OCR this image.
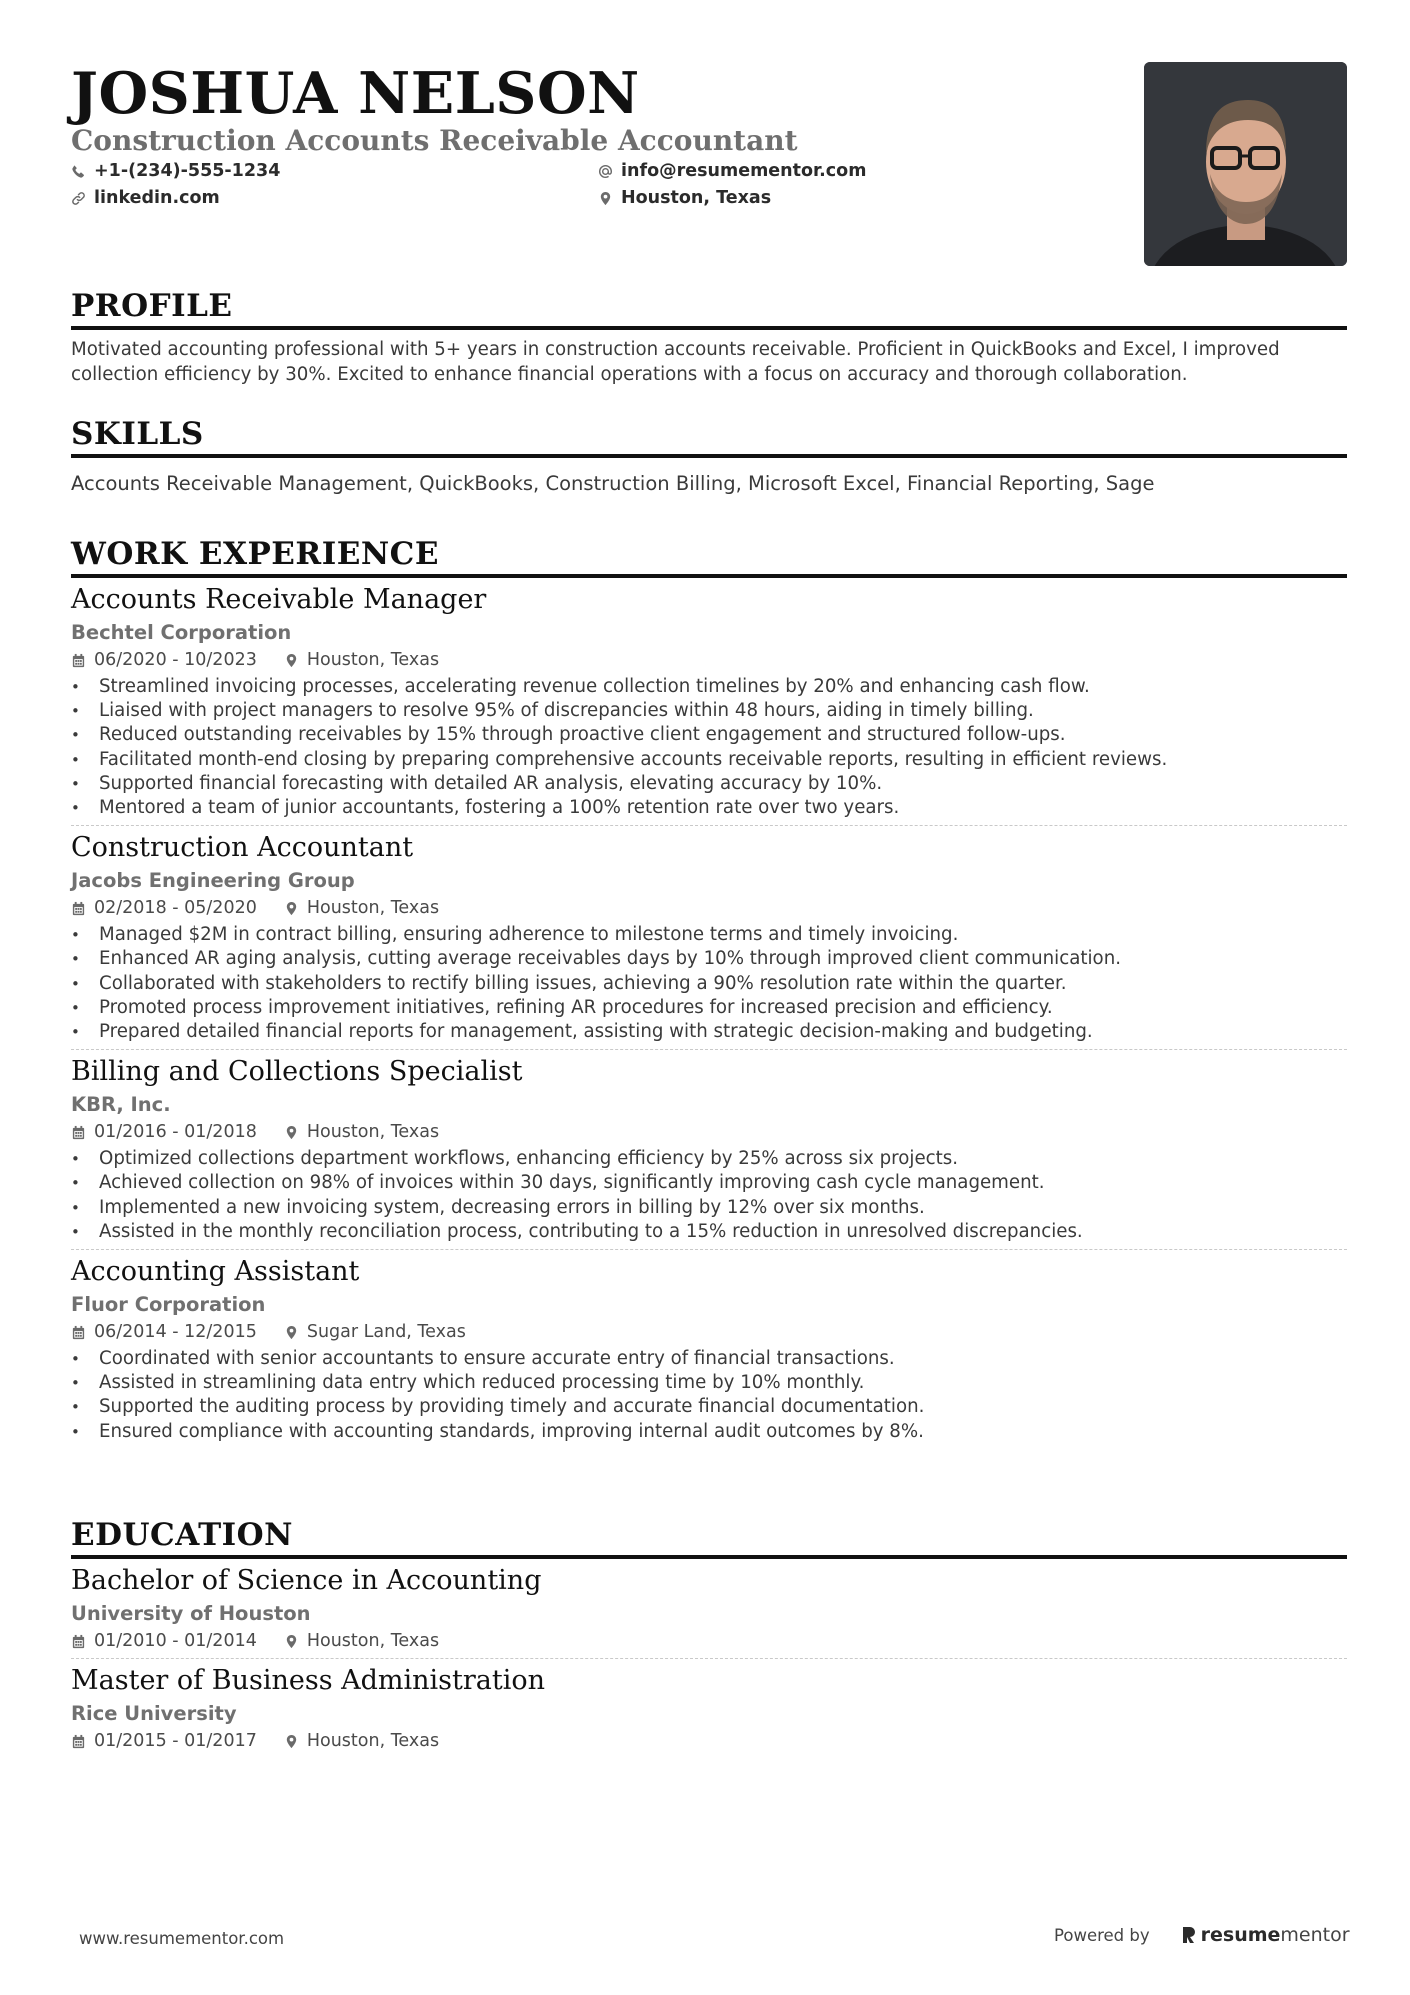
JOSHUA NELSON
Construction Accounts Receivable Accountant
+1-(234)-555-1234	info@resumementor.com
linkedin.com	Houston, Texas
PROFILE

Motivated accounting professional with 5+ years in construction accounts receivable. Proficient in QuickBooks and Excel, I improved collection efficiency by 30%. Excited to enhance financial operations with a focus on accuracy and thorough collaboration.

SKILLS

Accounts Receivable Management, QuickBooks, Construction Billing, Microsoft Excel, Financial Reporting, Sage

WORK EXPERIENCE
Accounts Receivable Manager
Bechtel Corporation
06/2020 - 10/2023	Houston, Texas
• Streamlined invoicing processes, accelerating revenue collection timelines by 20% and enhancing cash flow.
• Liaised with project managers to resolve 95% of discrepancies within 48 hours, aiding in timely billing.
• Reduced outstanding receivables by 15% through proactive client engagement and structured follow-ups.
• Facilitated month-end closing by preparing comprehensive accounts receivable reports, resulting in efficient reviews.
• Supported financial forecasting with detailed AR analysis, elevating accuracy by 10%.
• Mentored a team of junior accountants, fostering a 100% retention rate over two years.
Construction Accountant
Jacobs Engineering Group
02/2018 - 05/2020	Houston, Texas
• Managed $2M in contract billing, ensuring adherence to milestone terms and timely invoicing.
• Enhanced AR aging analysis, cutting average receivables days by 10% through improved client communication.
• Collaborated with stakeholders to rectify billing issues, achieving a 90% resolution rate within the quarter.
• Promoted process improvement initiatives, refining AR procedures for increased precision and efficiency.
• Prepared detailed financial reports for management, assisting with strategic decision-making and budgeting.
Billing and Collections Specialist
KBR, Inc.
01/2016 - 01/2018	Houston, Texas
• Optimized collections department workflows, enhancing efficiency by 25% across six projects.
• Achieved collection on 98% of invoices within 30 days, significantly improving cash cycle management.
• Implemented a new invoicing system, decreasing errors in billing by 12% over six months.
• Assisted in the monthly reconciliation process, contributing to a 15% reduction in unresolved discrepancies.
Accounting Assistant
Fluor Corporation
06/2014 - 12/2015	Sugar Land, Texas
• Coordinated with senior accountants to ensure accurate entry of financial transactions.
• Assisted in streamlining data entry which reduced processing time by 10% monthly.
• Supported the auditing process by providing timely and accurate financial documentation.
• Ensured compliance with accounting standards, improving internal audit outcomes by 8%.
EDUCATION
Bachelor of Science in Accounting
University of Houston
01/2010 - 01/2014	Houston, Texas
Master of Business Administration
Rice University
01/2015 - 01/2017	Houston, Texas
www.resumementor.com	Powered by	resume mentor
